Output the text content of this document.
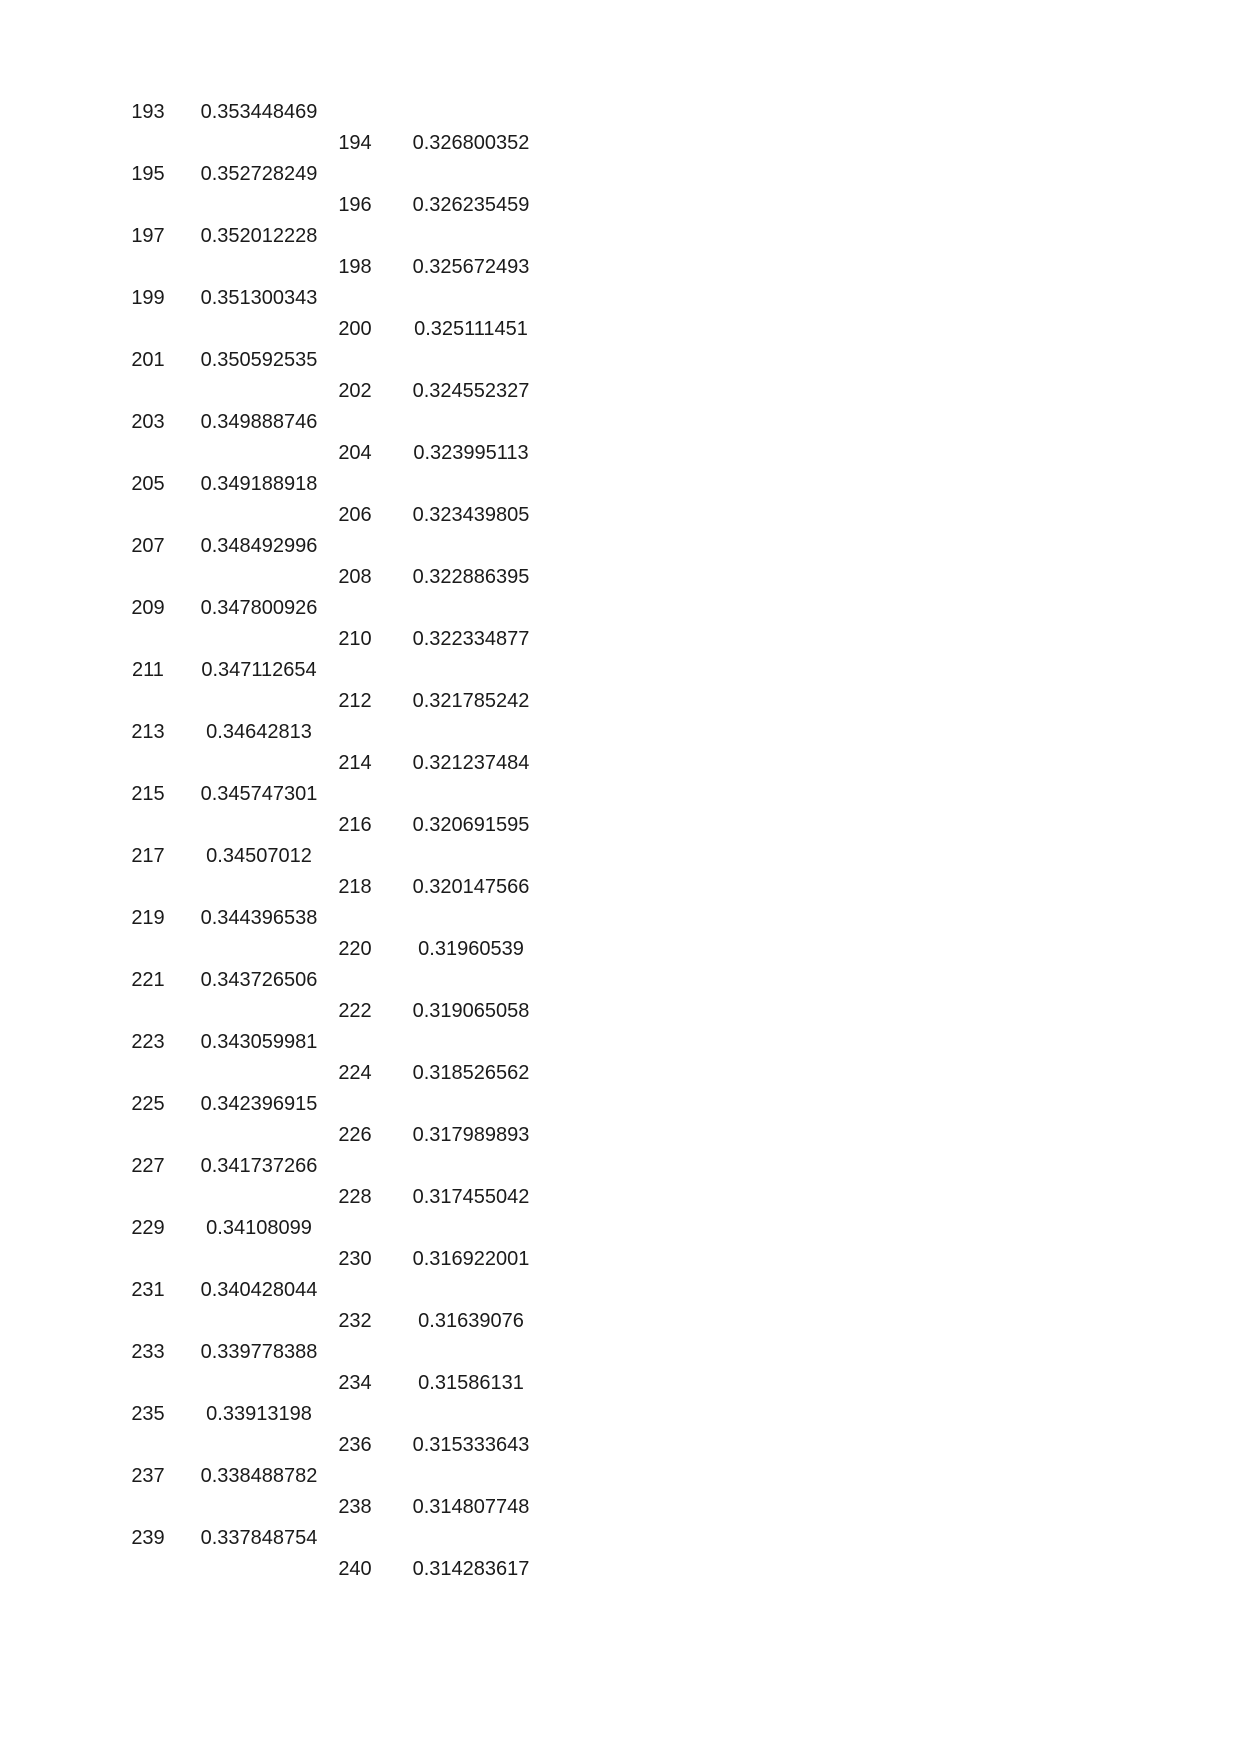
193	0.353448469
194	0.326800352
195	0.352728249
196	0.326235459
197	0.352012228
198	0.325672493
199	0.351300343
200	0.325111451
201	0.350592535
202	0.324552327
203	0.349888746
204	0.323995113
205	0.349188918
206	0.323439805
207	0.348492996
208	0.322886395
209	0.347800926
210	0.322334877
211	0.347112654
212	0.321785242
213	0.34642813
214	0.321237484
215	0.345747301
216	0.320691595
217	0.34507012
218	0.320147566
219	0.344396538
220	0.31960539
221	0.343726506
222	0.319065058
223	0.343059981
224	0.318526562
225	0.342396915
226	0.317989893
227	0.341737266
228	0.317455042
229	0.34108099
230	0.316922001
231	0.340428044
232	0.31639076
233	0.339778388
234	0.31586131
235	0.33913198
236	0.315333643
237	0.338488782
238	0.314807748
239	0.337848754
240	0.314283617
